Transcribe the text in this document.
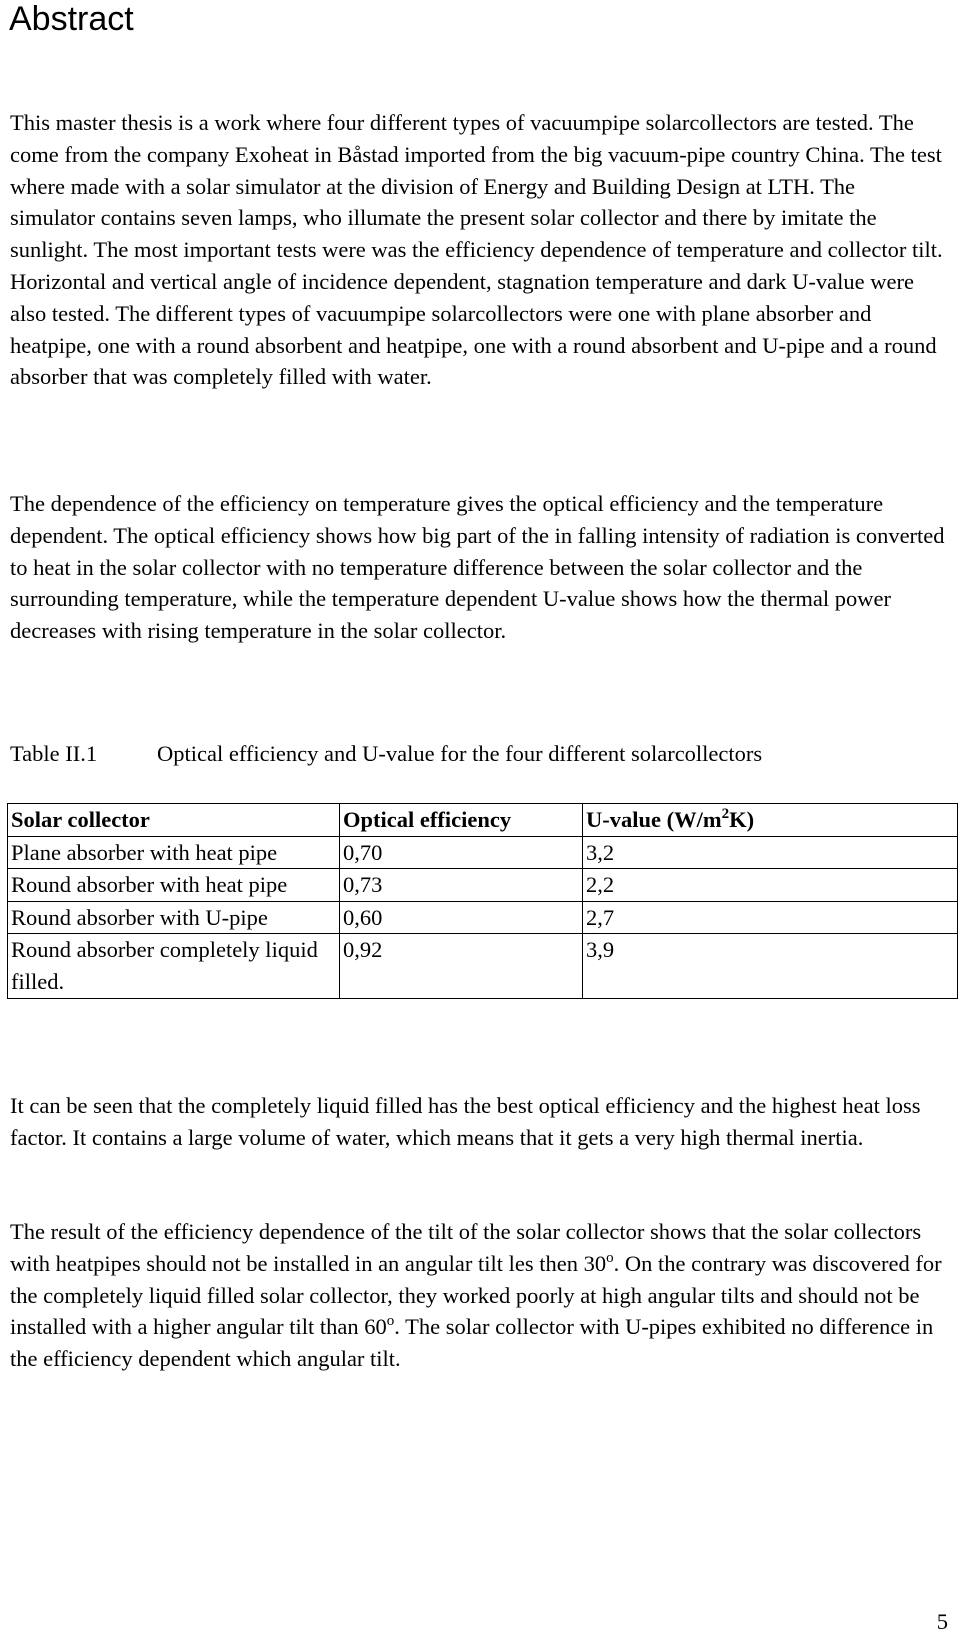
Abstract

This master thesis is a work where four different types of vacuumpipe solarcollectors are tested. The come from the company Exoheat in Båstad imported from the big vacuum-pipe country China. The test where made with a solar simulator at the division of Energy and Building Design at LTH. The simulator contains seven lamps, who illumate the present solar collector and there by imitate the sunlight. The most important tests were was the efficiency dependence of temperature and collector tilt. Horizontal and vertical angle of incidence dependent, stagnation temperature and dark U-value were also tested. The different types of vacuumpipe solarcollectors were one with plane absorber and heatpipe, one with a round absorbent and heatpipe, one with a round absorbent and U-pipe and a round absorber that was completely filled with water.

The dependence of the efficiency on temperature gives the optical efficiency and the temperature dependent. The optical efficiency shows how big part of the in falling intensity of radiation is converted to heat in the solar collector with no temperature difference between the solar collector and the surrounding temperature, while the temperature dependent U-value shows how the thermal power decreases with rising temperature in the solar collector.

Table II.1	Optical efficiency and U-value for the four different solarcollectors
Solar collector	Optical efficiency	U-value $(W/m^2K)$
Plane absorber with heat pipe	0,70	3,2
Round absorber with heat pipe	0,73	2,2
Round absorber with U-pipe	0,60	2,7
Round absorber completely liquid filled.	0,92	3,9

It can be seen that the completely liquid filled has the best optical efficiency and the highest heat loss factor. It contains a large volume of water, which means that it gets a very high thermal inertia.

The result of the efficiency dependence of the tilt of the solar collector shows that the solar collectors with heatpipes should not be installed in an angular tilt les then 30$^o$. On the contrary was discovered for the completely liquid filled solar collector, they worked poorly at high angular tilts and should not be installed with a higher angular tilt than 60$^o$. The solar collector with U-pipes exhibited no difference in the efficiency dependent which angular tilt.

5
